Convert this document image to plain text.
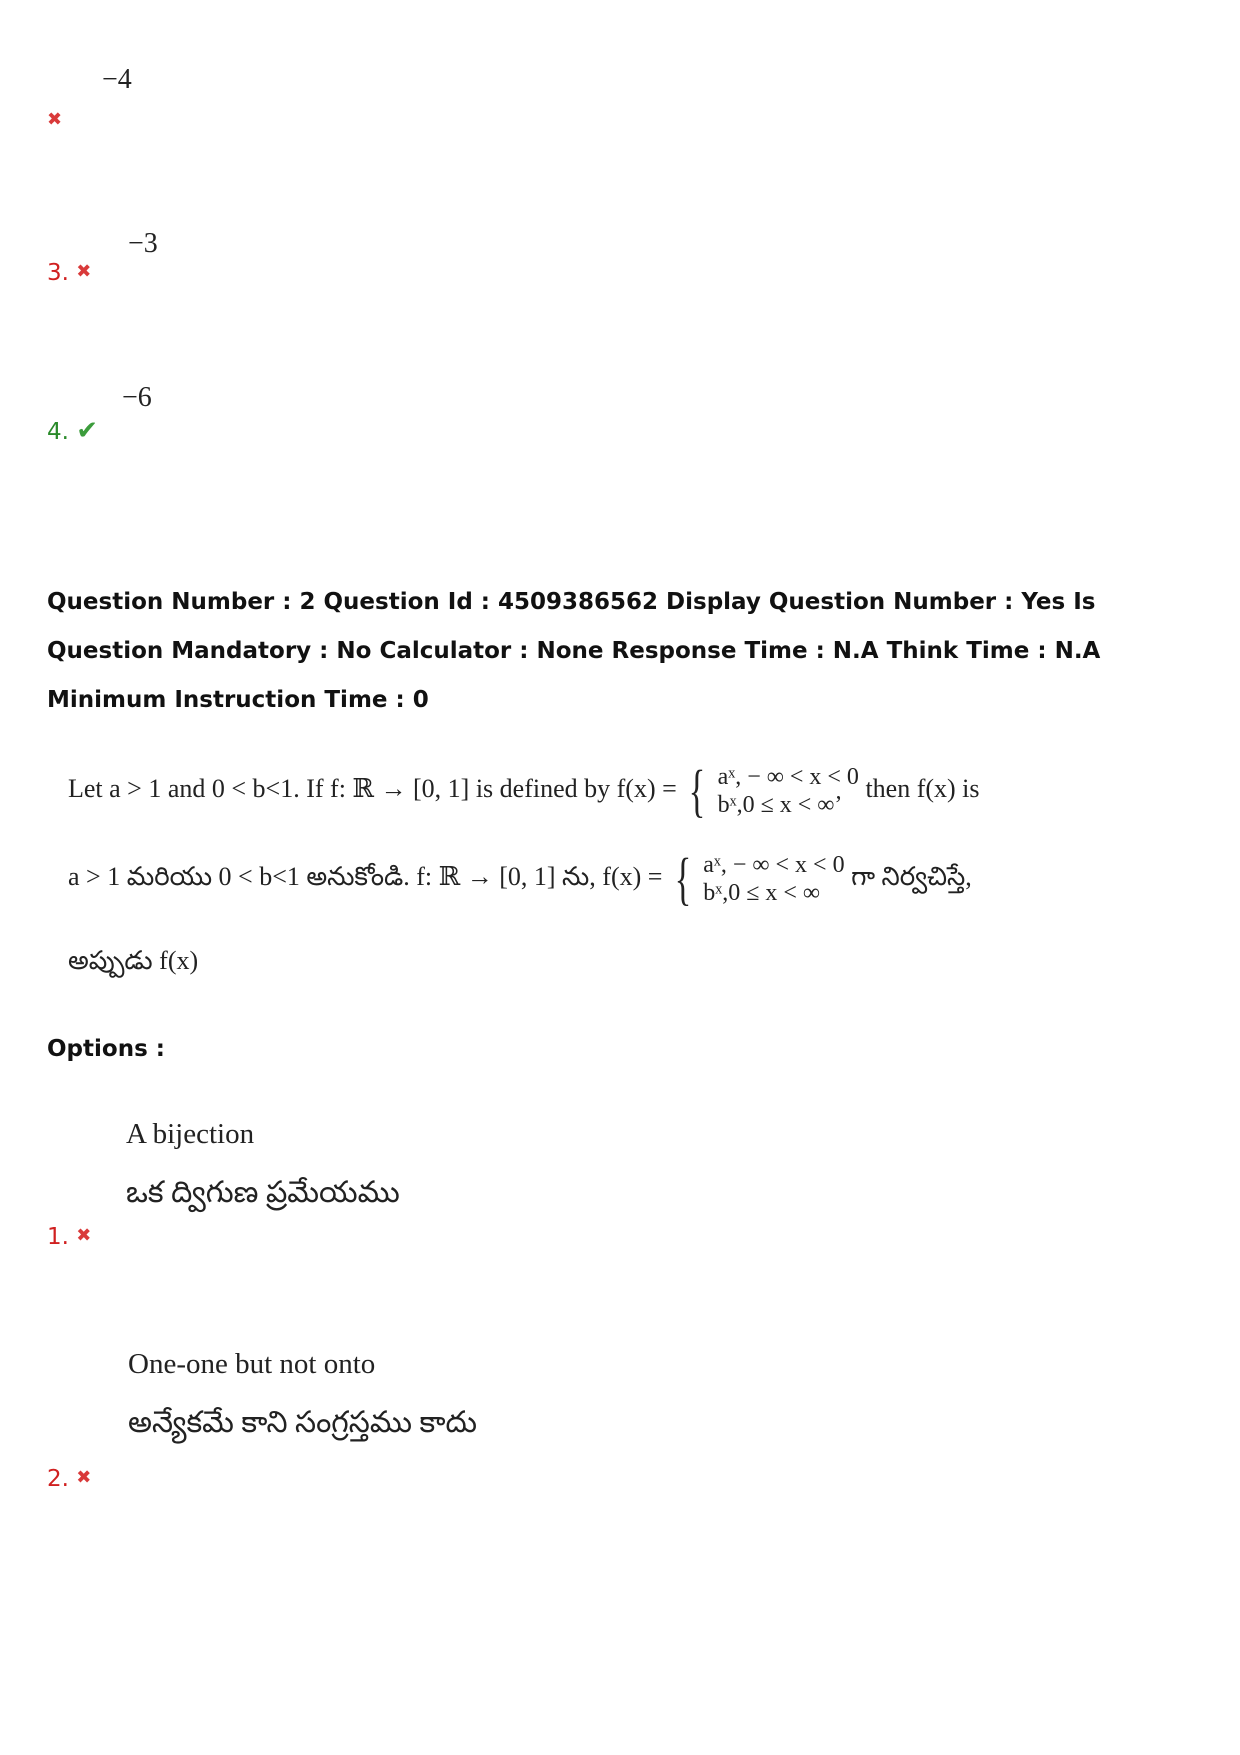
−4
✖
−3
3. ✖
−6
4. ✔
Question Number : 2 Question Id : 4509386562 Display Question Number : Yes Is Question Mandatory : No Calculator : None Response Time : N.A Think Time : N.A Minimum Instruction Time : 0
Let a > 1 and 0 < b<1. If f: ℝ → [0, 1] is defined by f(x) = { aˣ, − ∞ < x < 0
bˣ,0 ≤ x < ∞’ then f(x) is
a > 1 మరియు 0 < b<1 అనుకోండి. f: ℝ → [0, 1] ను, f(x) = { aˣ, − ∞ < x < 0
bˣ,0 ≤ x < ∞ గా నిర్వచిస్తే,
అప్పుడు f(x)
Options :
A bijection
ఒక ద్విగుణ ప్రమేయము
1. ✖
One-one but not onto
అన్యేకమే కాని సంగ్రస్తము కాదు
2. ✖
